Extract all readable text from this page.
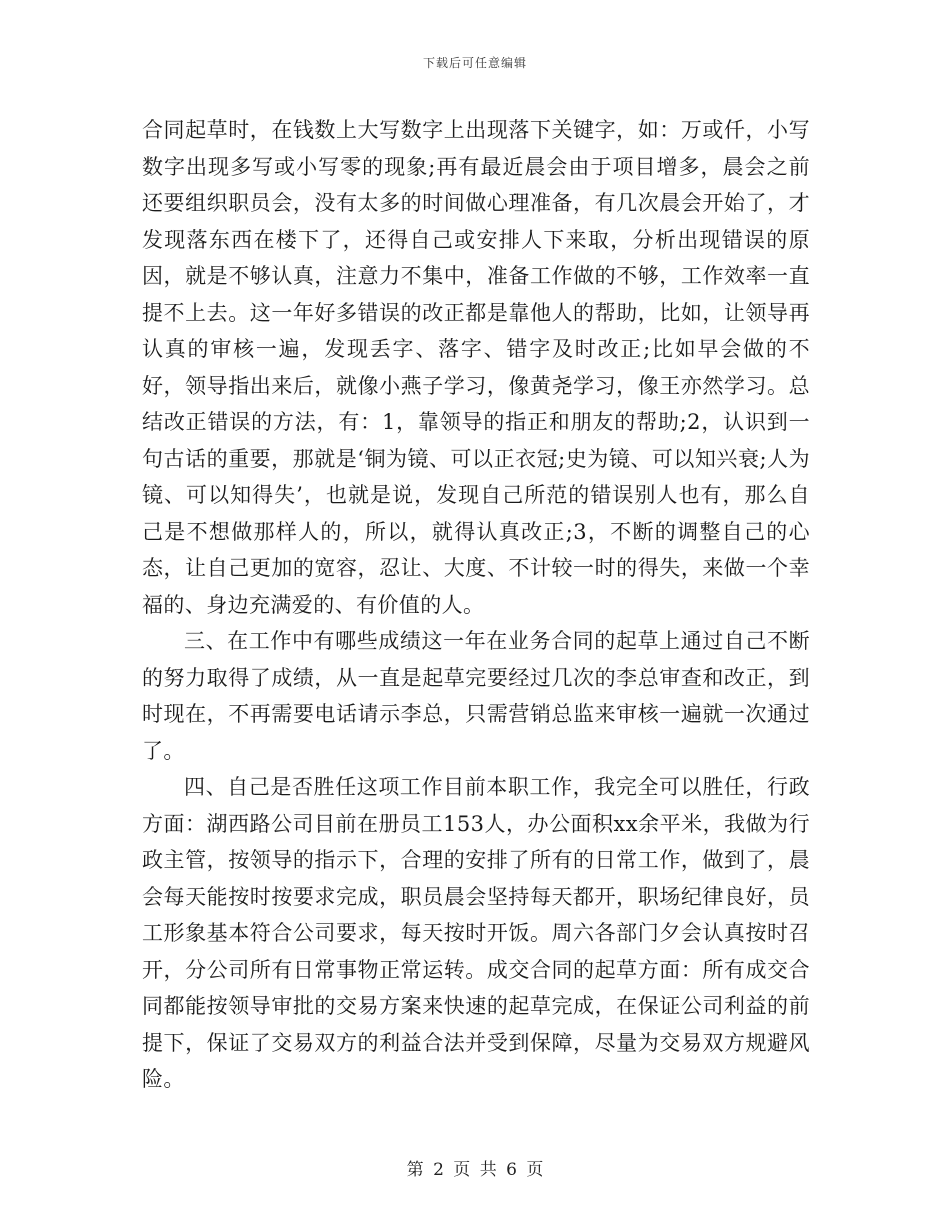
下载后可任意编辑

合同起草时，在钱数上大写数字上出现落下关键字，如：万或仟，小写数字出现多写或小写零的现象;再有最近晨会由于项目增多，晨会之前还要组织职员会，没有太多的时间做心理准备，有几次晨会开始了，才发现落东西在楼下了，还得自己或安排人下来取，分析出现错误的原因，就是不够认真，注意力不集中，准备工作做的不够，工作效率一直提不上去。这一年好多错误的改正都是靠他人的帮助，比如，让领导再认真的审核一遍，发现丢字、落字、错字及时改正;比如早会做的不好，领导指出来后，就像小燕子学习，像黄尧学习，像王亦然学习。总结改正错误的方法，有：1，靠领导的指正和朋友的帮助;2，认识到一句古话的重要，那就是‘铜为镜、可以正衣冠;史为镜、可以知兴衰;人为镜、可以知得失’，也就是说，发现自己所范的错误别人也有，那么自己是不想做那样人的，所以，就得认真改正;3，不断的调整自己的心态，让自己更加的宽容，忍让、大度、不计较一时的得失，来做一个幸福的、身边充满爱的、有价值的人。

三、在工作中有哪些成绩这一年在业务合同的起草上通过自己不断的努力取得了成绩，从一直是起草完要经过几次的李总审查和改正，到时现在，不再需要电话请示李总，只需营销总监来审核一遍就一次通过了。

四、自己是否胜任这项工作目前本职工作，我完全可以胜任，行政方面：湖西路公司目前在册员工153人，办公面积xx余平米，我做为行政主管，按领导的指示下，合理的安排了所有的日常工作，做到了，晨会每天能按时按要求完成，职员晨会坚持每天都开，职场纪律良好，员工形象基本符合公司要求，每天按时开饭。周六各部门夕会认真按时召开，分公司所有日常事物正常运转。成交合同的起草方面：所有成交合同都能按领导审批的交易方案来快速的起草完成，在保证公司利益的前提下，保证了交易双方的利益合法并受到保障，尽量为交易双方规避风险。

第 2 页 共 6 页
